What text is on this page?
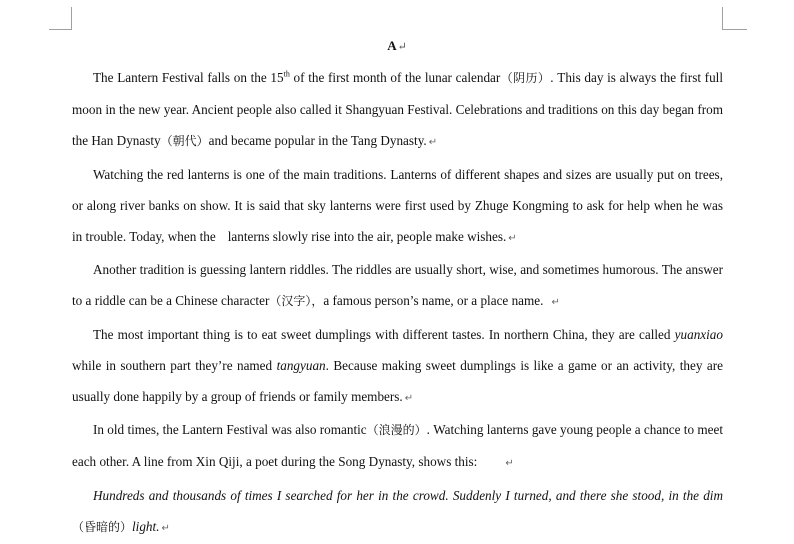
A↵

The Lantern Festival falls on the 15th of the first month of the lunar calendar（阴历）. This day is always the first full moon in the new year. Ancient people also called it Shangyuan Festival. Celebrations and traditions on this day began from the Han Dynasty（朝代）and became popular in the Tang Dynasty. ↵

Watching the red lanterns is one of the main traditions. Lanterns of different shapes and sizes are usually put on trees, or along river banks on show. It is said that sky lanterns were first used by Zhuge Kongming to ask for help when he was in trouble. Today, when the lanterns slowly rise into the air, people make wishes. ↵

Another tradition is guessing lantern riddles. The riddles are usually short, wise, and sometimes humorous. The answer to a riddle can be a Chinese character（汉字），a famous person’s name, or a place name. ↵

The most important thing is to eat sweet dumplings with different tastes. In northern China, they are called yuanxiao while in southern part they’re named tangyuan. Because making sweet dumplings is like a game or an activity, they are usually done happily by a group of friends or family members. ↵

In old times, the Lantern Festival was also romantic（浪漫的）. Watching lanterns gave young people a chance to meet each other. A line from Xin Qiji, a poet during the Song Dynasty, shows this:	↵

Hundreds and thousands of times I searched for her in the crowd. Suddenly I turned, and there she stood, in the dim（昏暗的）light. ↵
